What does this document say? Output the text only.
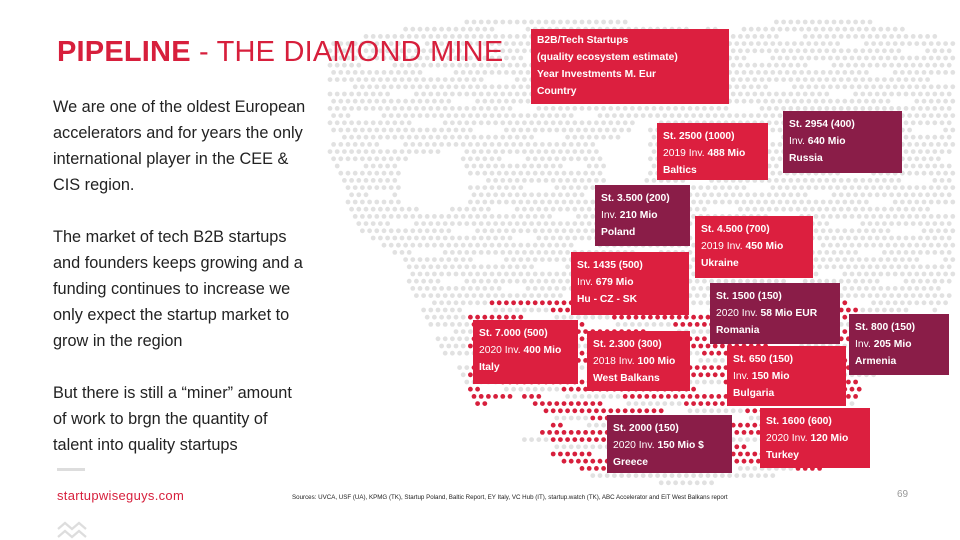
PIPELINE - THE DIAMOND MINE
We are one of the oldest European accelerators and for years the only international player in the CEE & CIS region.
The market of tech B2B startups and founders keeps growing and a funding continues to increase we only expect the startup market to grow in the region
But there is still a “miner” amount of work to brgn the quantity of talent into quality startups
startupwiseguys.com	Sources: UVCA, USF (UA), KPMG (TK), Startup Poland, Baltic Report, EY Italy, VC Hub (IT), startup.watch (TK), ABC Accelerator and EiT West Balkans report	69
B2B/Tech Startups
(quality ecosystem estimate)
Year Investments M. Eur
Country
St. 2500 (1000)
2019 Inv. 488 Mio
Baltics
St. 2954 (400)
Inv. 640 Mio
Russia
St. 3.500 (200)
Inv. 210 Mio
Poland	St. 4.500 (700)
2019 Inv. 450 Mio
Ukraine
St. 1435 (500)
Inv. 679 Mio
Hu - CZ - SK	St. 1500 (150)
2020 Inv. 58 Mio EUR
Romania	St. 800 (150)
Inv. 205 Mio
Armenia
St. 7.000 (500)
2020 Inv. 400 Mio
Italy
St. 2.300 (300)
2018 Inv. 100 Mio
West Balkans
St. 650 (150)
Inv. 150 Mio
Bulgaria
St. 2000 (150)
2020 Inv. 150 Mio $
Greece
St. 1600 (600)
2020 Inv. 120 Mio
Turkey
